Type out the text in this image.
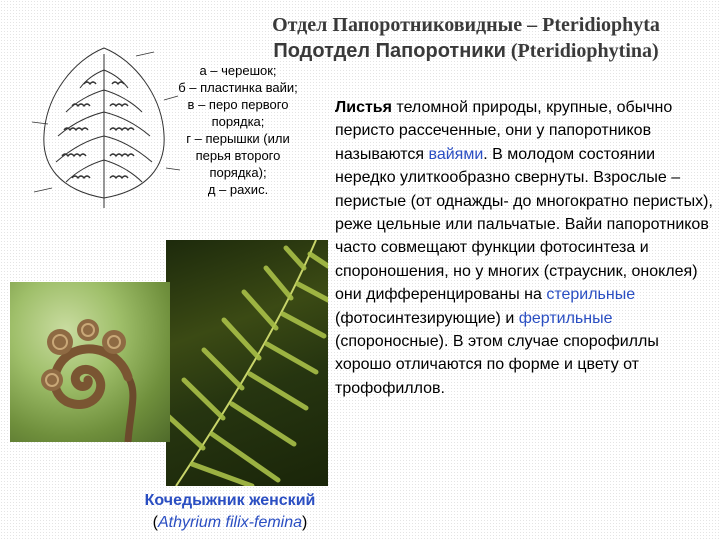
Отдел Папоротниковидные – Pteridiophyta
Подотдел Папоротники (Pteridiophytina)
а – черешок;
б – пластинка вайи;
в – перо первого
порядка;
г – перышки (или
перья второго
порядка);
д – рахис.
Листья теломной природы, крупные, обычно перисто рассеченные, они у папоротников называются вайями. В молодом состоянии нередко улиткообразно свернуты. Взрослые – перистые (от однажды- до многократно перистых), реже цельные или пальчатые. Вайи папоротников часто совмещают функции фотосинтеза и спороношения, но у многих (страусник, оноклея) они дифференцированы на стерильные (фотосинтезирующие) и фертильные (спороносные). В этом случае спорофиллы хорошо отличаются по форме и цвету от трофофиллов.
Кочедыжник женский
(Athyrium filix-femina)
